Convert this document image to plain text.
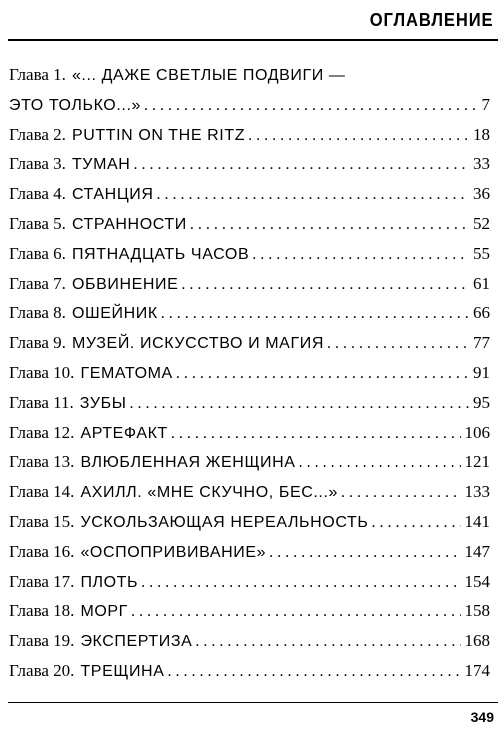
ОГЛАВЛЕНИЕ
Глава 1. «... ДАЖЕ СВЕТЛЫЕ ПОДВИГИ —
ЭТО ТОЛЬКО...» . . .	7
Глава 2. PUTTIN ON THE RITZ . . .	18
Глава 3. ТУМАН . . .	33
Глава 4. СТАНЦИЯ . . .	36
Глава 5. СТРАННОСТИ . . .	52
Глава 6. ПЯТНАДЦАТЬ ЧАСОВ . . .	55
Глава 7. ОБВИНЕНИЕ . . .	61
Глава 8. ОШЕЙНИК . . .	66
Глава 9. МУЗЕЙ. ИСКУССТВО И МАГИЯ . . .	77
Глава 10. ГЕМАТОМА . . .	91
Глава 11. ЗУБЫ . . .	95
Глава 12. АРТЕФАКТ . . .	106
Глава 13. ВЛЮБЛЕННАЯ ЖЕНЩИНА . . .	121
Глава 14. АХИЛЛ. «МНЕ СКУЧНО, БЕС...» . . .	133
Глава 15. УСКОЛЬЗАЮЩАЯ НЕРЕАЛЬНОСТЬ . . .	141
Глава 16. «ОСПОПРИВИВАНИЕ» . . .	147
Глава 17. ПЛОТЬ . . .	154
Глава 18. МОРГ . . .	158
Глава 19. ЭКСПЕРТИЗА . . .	168
Глава 20. ТРЕЩИНА . . .	174
349
